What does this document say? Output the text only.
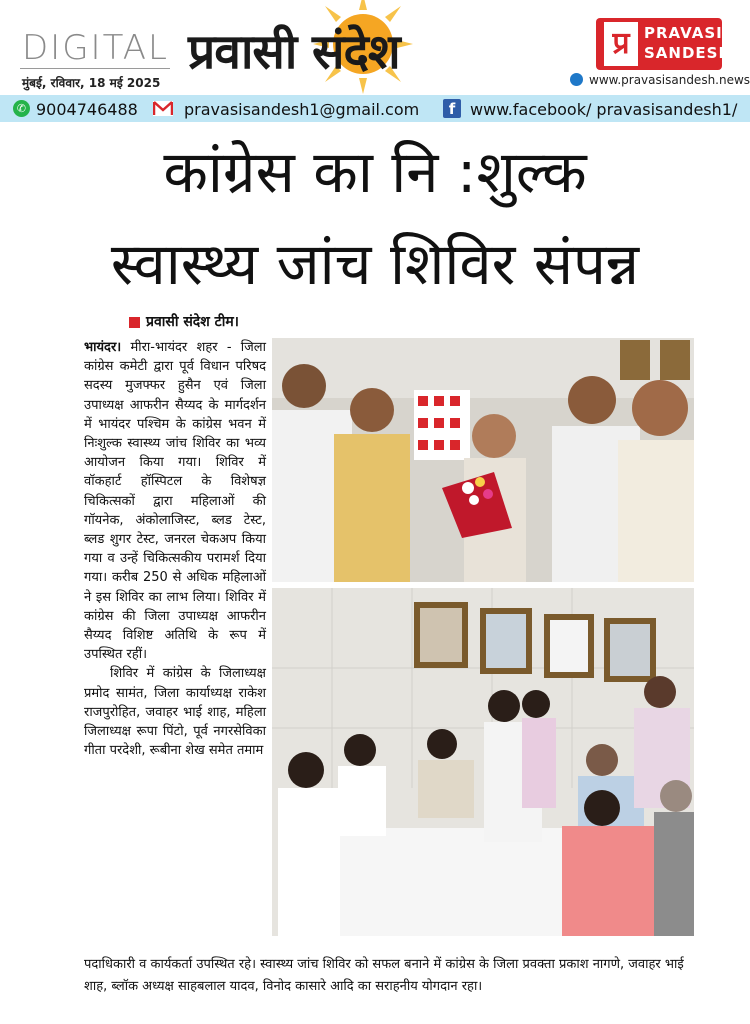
DIGITAL
मुंबई, रविवार, 18 मई 2025
प्रवासी संदेश	प्र PRAVASI
SANDESH
www.pravasisandesh.news
✆ 9004746488	pravasisandesh1@gmail.com	f www.facebook/ pravasisandesh1/
कांग्रेस का नि :शुल्क
स्वास्थ्य जांच शिविर संपन्न
प्रवासी संदेश टीम।

भायंदर। मीरा-भायंदर शहर - जिला कांग्रेस कमेटी द्वारा पूर्व विधान परिषद सदस्य मुजफ्फर हुसैन एवं जिला उपाध्यक्ष आफरीन सैय्यद के मार्गदर्शन में भायंदर पश्चिम के कांग्रेस भवन में निःशुल्क स्वास्थ्य जांच शिविर का भव्य आयोजन किया गया। शिविर में वॉकहार्ट हॉस्पिटल के विशेषज्ञ चिकित्सकों द्वारा महिलाओं की गॉयनेक, अंकोलाजिस्ट, ब्लड टेस्ट, ब्लड शुगर टेस्ट, जनरल चेकअप किया गया व उन्हें चिकित्सकीय परामर्श दिया गया। करीब 250 से अधिक महिलाओं ने इस शिविर का लाभ लिया। शिविर में कांग्रेस की जिला उपाध्यक्ष आफरीन सैय्यद विशिष्ट अतिथि के रूप में उपस्थित रहीं।

शिविर में कांग्रेस के जिलाध्यक्ष प्रमोद सामंत, जिला कार्याध्यक्ष राकेश राजपुरोहित, जवाहर भाई शाह, महिला जिलाध्यक्ष रूपा पिंटो, पूर्व नगरसेविका गीता परदेशी, रूबीना शेख समेत तमाम

पदाधिकारी व कार्यकर्ता उपस्थित रहे। स्वास्थ्य जांच शिविर को सफल बनाने में कांग्रेस के जिला प्रवक्ता प्रकाश नागणे, जवाहर भाई शाह, ब्लॉक अध्यक्ष साहबलाल यादव, विनोद कासारे आदि का सराहनीय योगदान रहा।
